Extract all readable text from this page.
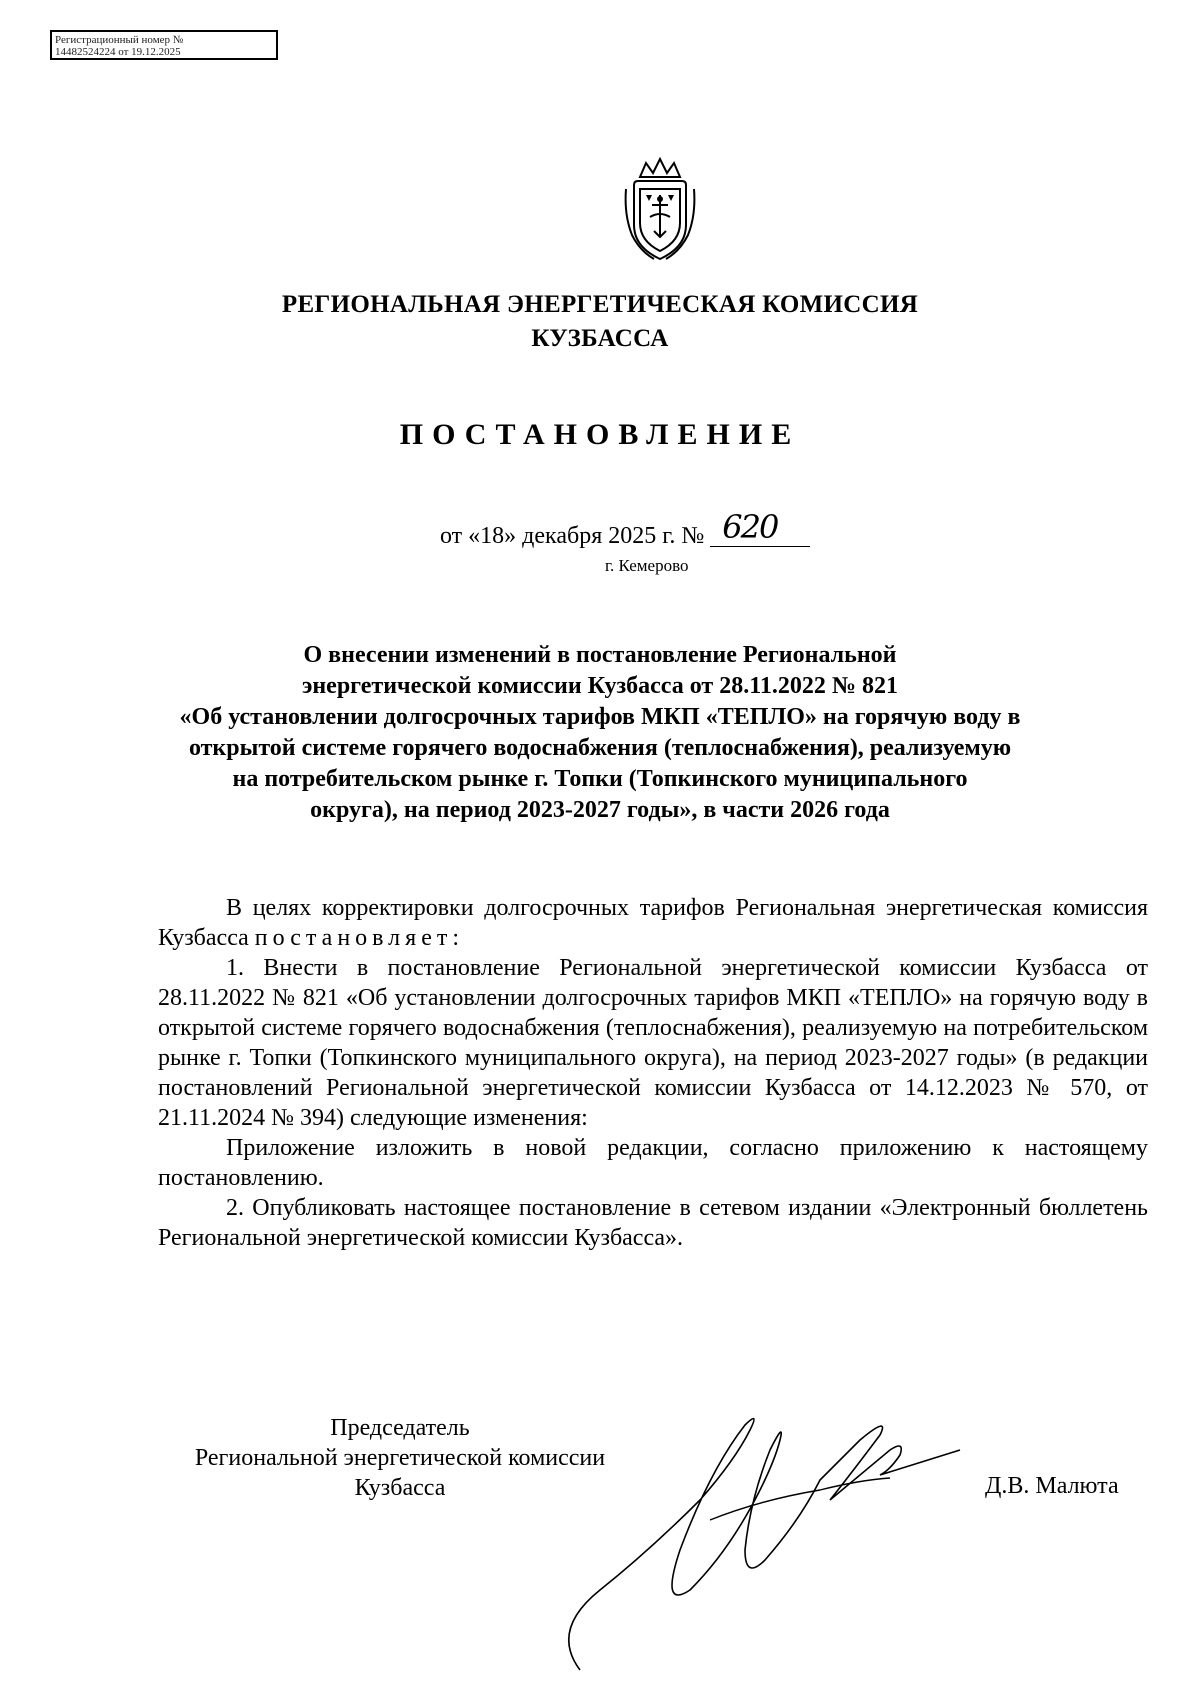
Регистрационный номер №
14482524224 от 19.12.2025
РЕГИОНАЛЬНАЯ ЭНЕРГЕТИЧЕСКАЯ КОМИССИЯ
КУЗБАССА
ПОСТАНОВЛЕНИЕ
от «18» декабря 2025 г. № 620
г. Кемерово
О внесении изменений в постановление Региональной
энергетической комиссии Кузбасса от 28.11.2022 № 821
«Об установлении долгосрочных тарифов МКП «ТЕПЛО» на горячую воду в
открытой системе горячего водоснабжения (теплоснабжения), реализуемую
на потребительском рынке г. Топки (Топкинского муниципального
округа), на период 2023-2027 годы», в части 2026 года

В целях корректировки долгосрочных тарифов Региональная энергетическая комиссия Кузбасса постановляет:

1. Внести в постановление Региональной энергетической комиссии Кузбасса от 28.11.2022 № 821 «Об установлении долгосрочных тарифов МКП «ТЕПЛО» на горячую воду в открытой системе горячего водоснабжения (теплоснабжения), реализуемую на потребительском рынке г. Топки (Топкинского муниципального округа), на период 2023-2027 годы» (в редакции постановлений Региональной энергетической комиссии Кузбасса от 14.12.2023 № 570, от 21.11.2024 № 394) следующие изменения:

Приложение изложить в новой редакции, согласно приложению к настоящему постановлению.

2. Опубликовать настоящее постановление в сетевом издании «Электронный бюллетень Региональной энергетической комиссии Кузбасса».

Председатель
Региональной энергетической комиссии
Кузбасса	Д.В. Малюта
